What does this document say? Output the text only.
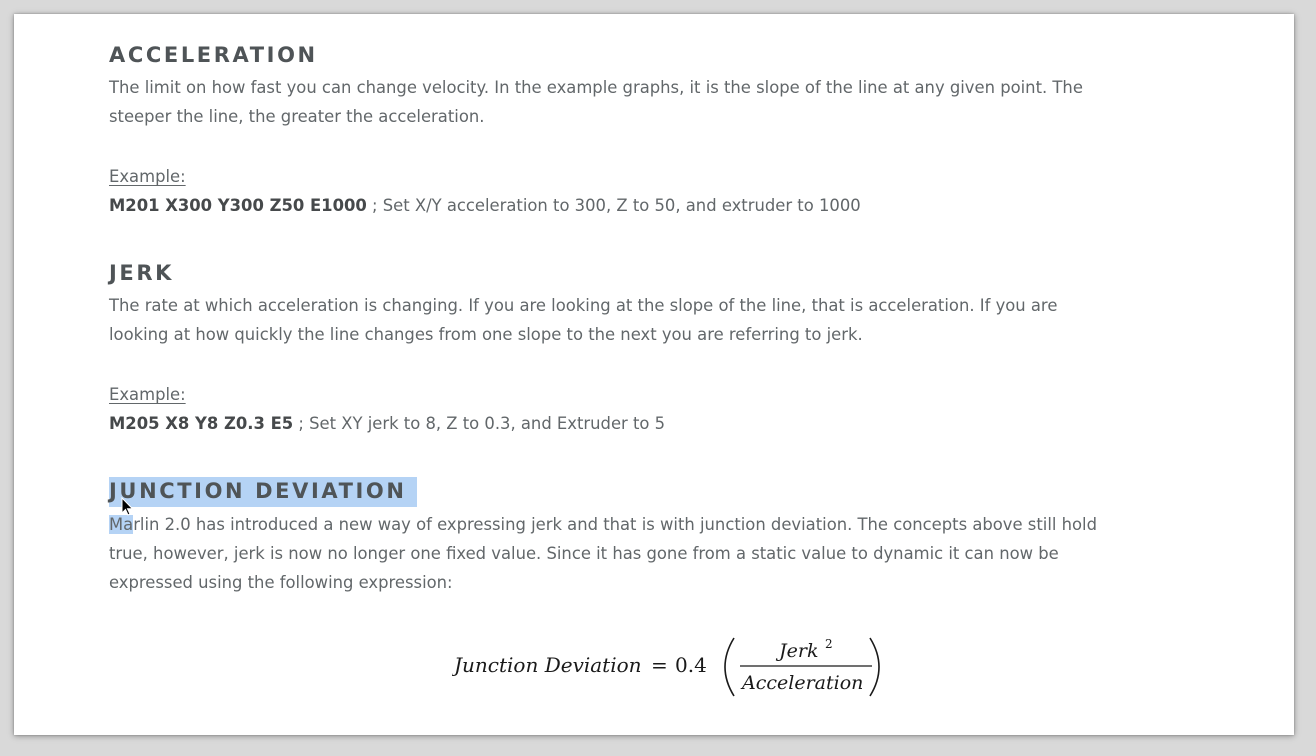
ACCELERATION

The limit on how fast you can change velocity. In the example graphs, it is the slope of the line at any given point. The

steeper the line, the greater the acceleration.

Example:

M201 X300 Y300 Z50 E1000 ; Set X/Y acceleration to 300, Z to 50, and extruder to 1000

JERK

The rate at which acceleration is changing. If you are looking at the slope of the line, that is acceleration. If you are

looking at how quickly the line changes from one slope to the next you are referring to jerk.

Example:

M205 X8 Y8 Z0.3 E5 ; Set XY jerk to 8, Z to 0.3, and Extruder to 5

JUNCTION DEVIATION

Marlin 2.0 has introduced a new way of expressing jerk and that is with junction deviation. The concepts above still hold

true, however, jerk is now no longer one fixed value. Since it has gone from a static value to dynamic it can now be

expressed using the following expression:

Junction Deviation = 0.4
Jerk 2
Acceleration
